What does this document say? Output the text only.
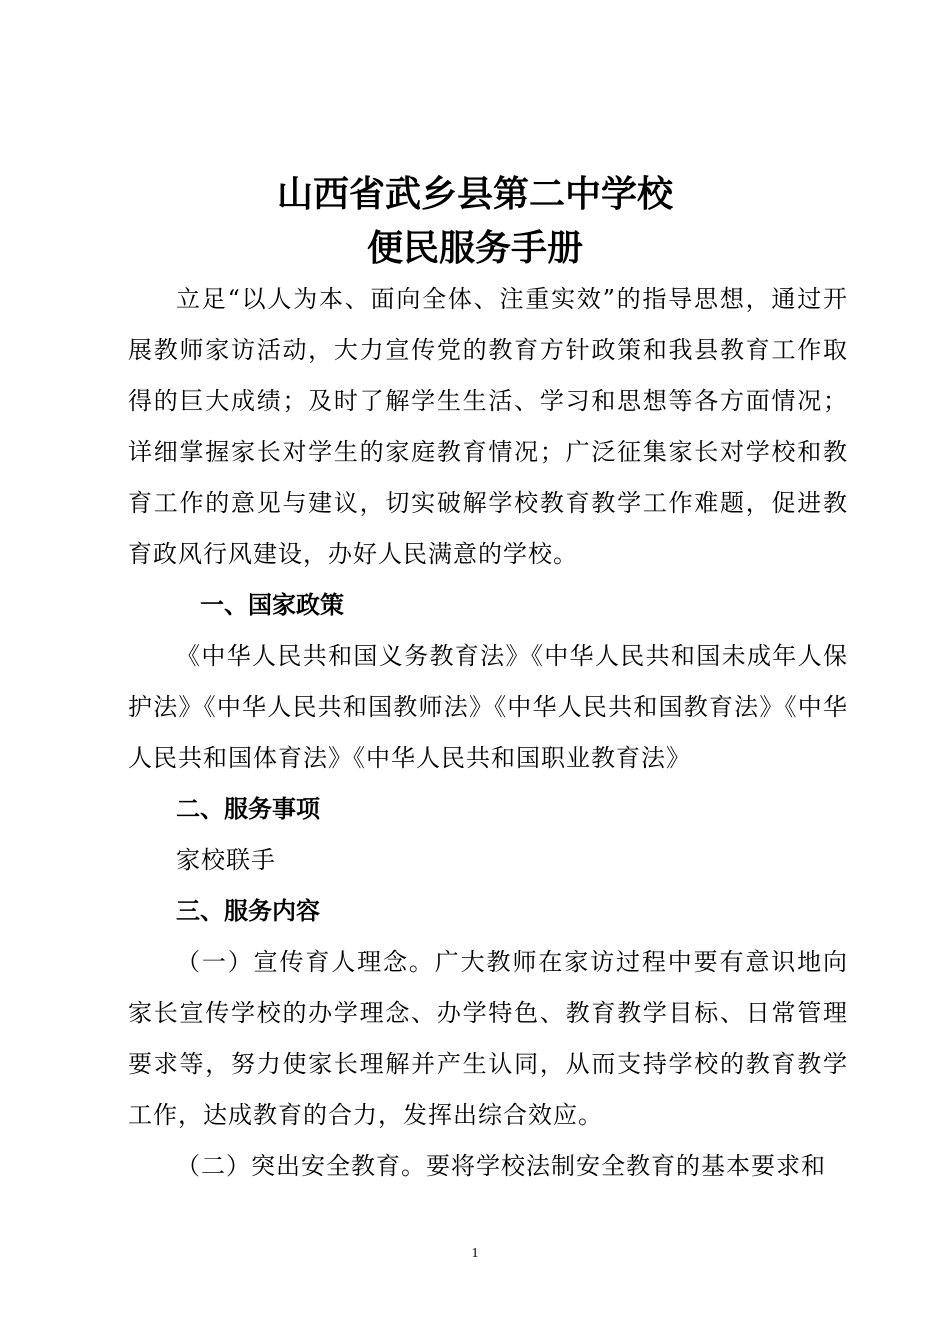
山西省武乡县第二中学校
便民服务手册

立足“以人为本、面向全体、注重实效”的指导思想，通过开展教师家访活动，大力宣传党的教育方针政策和我县教育工作取得的巨大成绩；及时了解学生生活、学习和思想等各方面情况；详细掌握家长对学生的家庭教育情况；广泛征集家长对学校和教育工作的意见与建议，切实破解学校教育教学工作难题，促进教育政风行风建设，办好人民满意的学校。

一、国家政策

《中华人民共和国义务教育法》《中华人民共和国未成年人保护法》《中华人民共和国教师法》《中华人民共和国教育法》《中华人民共和国体育法》《中华人民共和国职业教育法》

二、服务事项

家校联手

三、服务内容

（一）宣传育人理念。广大教师在家访过程中要有意识地向家长宣传学校的办学理念、办学特色、教育教学目标、日常管理要求等，努力使家长理解并产生认同，从而支持学校的教育教学工作，达成教育的合力，发挥出综合效应。

（二）突出安全教育。要将学校法制安全教育的基本要求和

1
